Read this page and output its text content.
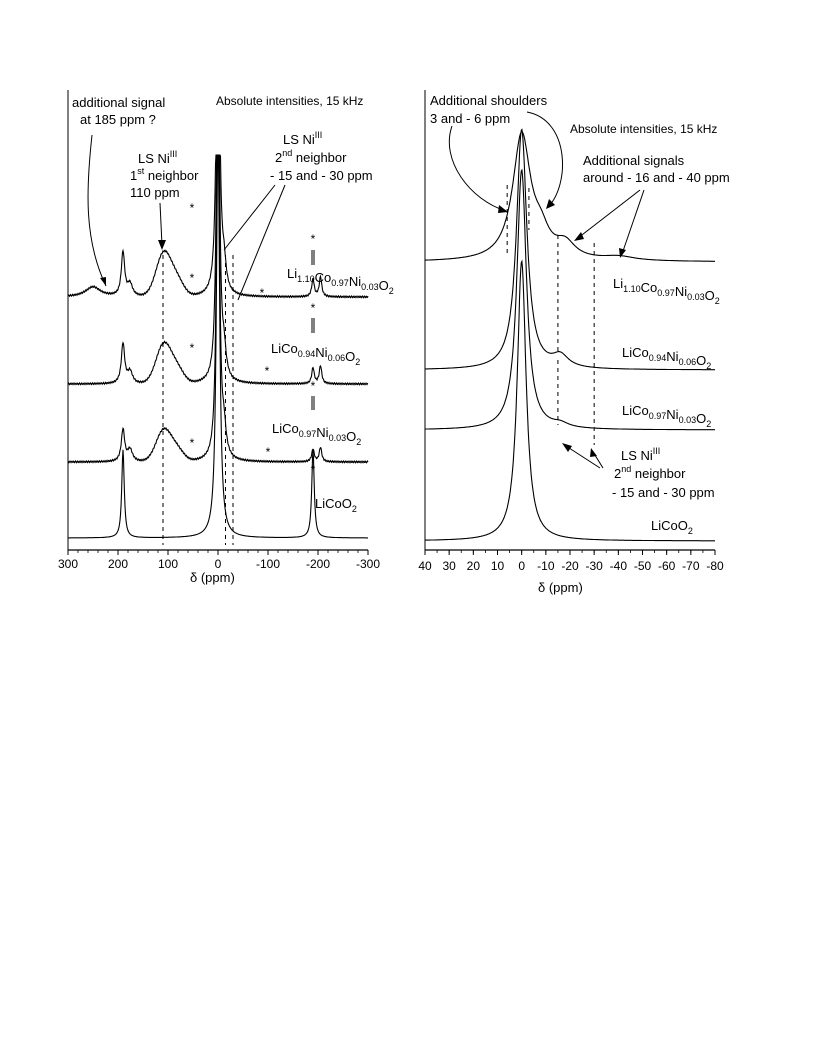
Absolute intensities, 15 kHz
additional signal
at 185 ppm ?
LS $Ni^{III}$
1st neighbor
110 ppm
LS $Ni^{III}$
2nd neighbor
- 15 and - 30 ppm
LiCoO$_2$
$LiCo_{0.97}Ni_{0.03}O_2$
$LiCo_{0.94}Ni_{0.06}O_2$
$Li_{1.10}Co_{0.97}Ni_{0.03}O_2$
*
*
*
*
*
*
*
*
*
*
*
300 200 100	0	-100 -200 -300
δ (ppm)
Absolute intensities, 15 kHz
Additional shoulders
3 and - 6 ppm
Additional signals
around - 16 and - 40 ppm
LS $Ni^{III}$
2nd neighbor
- 15 and - 30 ppm
LiCoO$_2$
$LiCo_{0.97}Ni_{0.03}O_2$
$LiCo_{0.94}Ni_{0.06}O_2$
$Li_{1.10}Co_{0.97}Ni_{0.03}O_2$
40 30 20 10 0 -10 -20 -30 -40 -50 -60 -70 -80
δ (ppm)
